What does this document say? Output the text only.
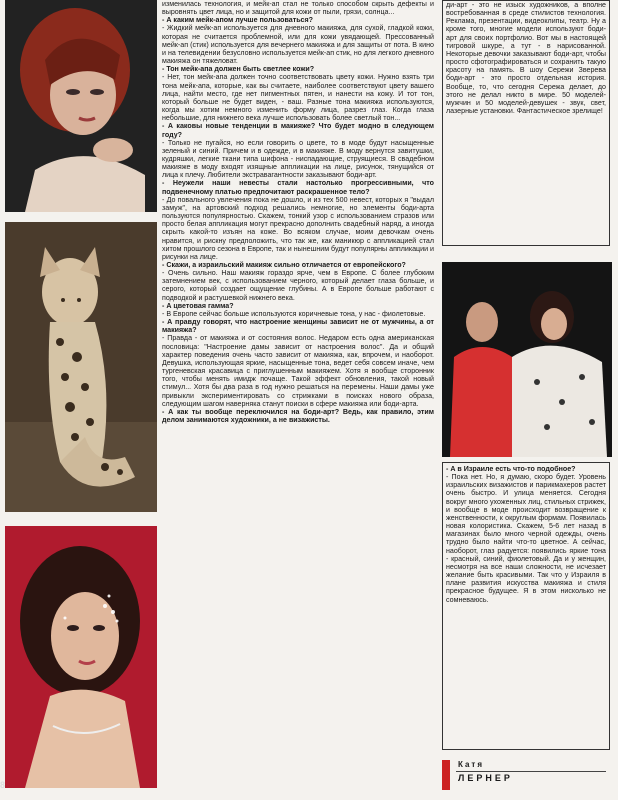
изменилась технология, и мейк-ап стал не только способом скрыть дефекты и выровнять цвет лица, но и защитой для кожи от пыли, грязи, солнца...

- А каким мейк-апом лучше пользоваться?

- Жидкий мейк-ап используется для дневного макияжа, для сухой, гладкой кожи, которая не считается проблемной, или для кожи увядающей. Прессованный мейк-ап (стик) используется для вечернего макияжа и для защиты от пота. В кино и на телевидении безусловно используется мейк-ап стик, но для легкого дневного макияжа он тяжеловат.

- Тон мейк-апа должен быть светлее кожи?

- Нет, тон мейк-апа должен точно соответствовать цвету кожи. Нужно взять три тона мейк-апа, которые, как вы считаете, наиболее соответствуют цвету вашего лица, найти место, где нет пигментных пятен, и нанести на кожу. И тот тон, который больше не будет виден, - ваш. Разные тона макияжа используются, когда мы хотим немного изменить форму лица, разрез глаз. Когда глаза небольшие, для нижнего века лучше использовать более светлый тон...

- А каковы новые тенденции в макияже? Что будет модно в следующем году?

- Только не пугайся, но если говорить о цвете, то в моде будут насыщенные зеленый и синий. Причем и в одежде, и в макияже. В моду вернутся завитушки, кудряшки, легкие ткани типа шифона - ниспадающие, струящиеся. В свадебном макияже в моду входят изящные аппликации на лице, рисунок, тянущийся от лица к плечу. Любители экстравагантности заказывают боди-арт.

- Неужели наши невесты стали настолько прогрессивными, что подвенечному платью предпочитают раскрашенное тело?

- До повального увлечения пока не дошло, и из тех 500 невест, которых я "выдал замуж", на артовский подход решались немногие, но элементы боди-арта пользуются популярностью. Скажем, тонкий узор с использованием стразов или просто белая аппликация могут прекрасно дополнить свадебный наряд, а иногда скрыть какой-то изъян на коже. Во всяком случае, моим девочкам очень нравится, и рискну предположить, что так же, как маникюр с аппликацией стал хитом прошлого сезона в Европе, так и нынешним будут популярны аппликации и рисунки на лице.

- Скажи, а израильский макияж сильно отличается от европейского?

- Очень сильно. Наш макияж гораздо ярче, чем в Европе. С более глубоким затемнением век, с использованием черного, который делает глаза больше, и серого, который создает ощущение глубины. А в Европе больше работают с подводкой и растушевкой нижнего века.

- А цветовая гамма?

- В Европе сейчас больше используются коричневые тона, у нас - фиолетовые.

- А правду говорят, что настроение женщины зависит не от мужчины, а от макияжа?

- Правда - от макияжа и от состояния волос. Недаром есть одна американская пословица: "Настроение дамы зависит от настроения волос". Да и общий характер поведения очень часто зависит от макияжа, как, впрочем, и наоборот. Девушка, использующая яркие, насыщенные тона, ведет себя совсем иначе, чем тургеневская красавица с приглушенным макияжем. Хотя я вообще сторонник того, чтобы менять имидж почаще. Такой эффект обновления, такой новый стимул... Хотя бы два раза в год нужно решаться на перемены. Наши дамы уже привыкли экспериментировать со стрижками в поисках нового образа, следующим шагом наверняка станут поиски в сфере макияжа или боди-арта.

- А как ты вообще переключился на боди-арт? Ведь, как правило, этим делом занимаются художники, а не визажисты.

ди-арт - это не изыск художников, а вполне востребованная в среде стилистов технология. Реклама, презентации, видеоклипы, театр. Ну а кроме того, многие модели используют боди-арт для своих портфолио. Вот мы в настоящей тигровой шкуре, а тут - в нарисованной. Некоторые девочки заказывают боди-арт, чтобы просто сфотографироваться и сохранить такую красоту на память. В шоу Сережи Зверева боди-арт - это просто отдельная история. Вообще, то, что сегодня Сережа делает, до этого не делал никто в мире. 50 моделей-мужчин и 50 моделей-девушек - звук, свет, лазерные установки. Фантастическое зрелище!

- А в Израиле есть что-то подобное?

- Пока нет. Но, я думаю, скоро будет. Уровень израильских визажистов и парикмахеров растет очень быстро. И улица меняется. Сегодня вокруг много ухоженных лиц, стильных стрижек, и вообще в моде происходит возвращение к женственности, к округлым формам. Появилась новая колористика. Скажем, 5-6 лет назад в магазинах было много черной одежды, очень трудно было найти что-то цветное. А сейчас, наоборот, глаз радуется: появились яркие тона - красный, синий, фиолетовый. Да и у женщин, несмотря на все наши сложности, не исчезает желание быть красивыми. Так что у Израиля в плане развития искусства макияжа и стиля прекрасное будущее. Я в этом нисколько не сомневаюсь.

Катя
ЛЕРНЕР
8
